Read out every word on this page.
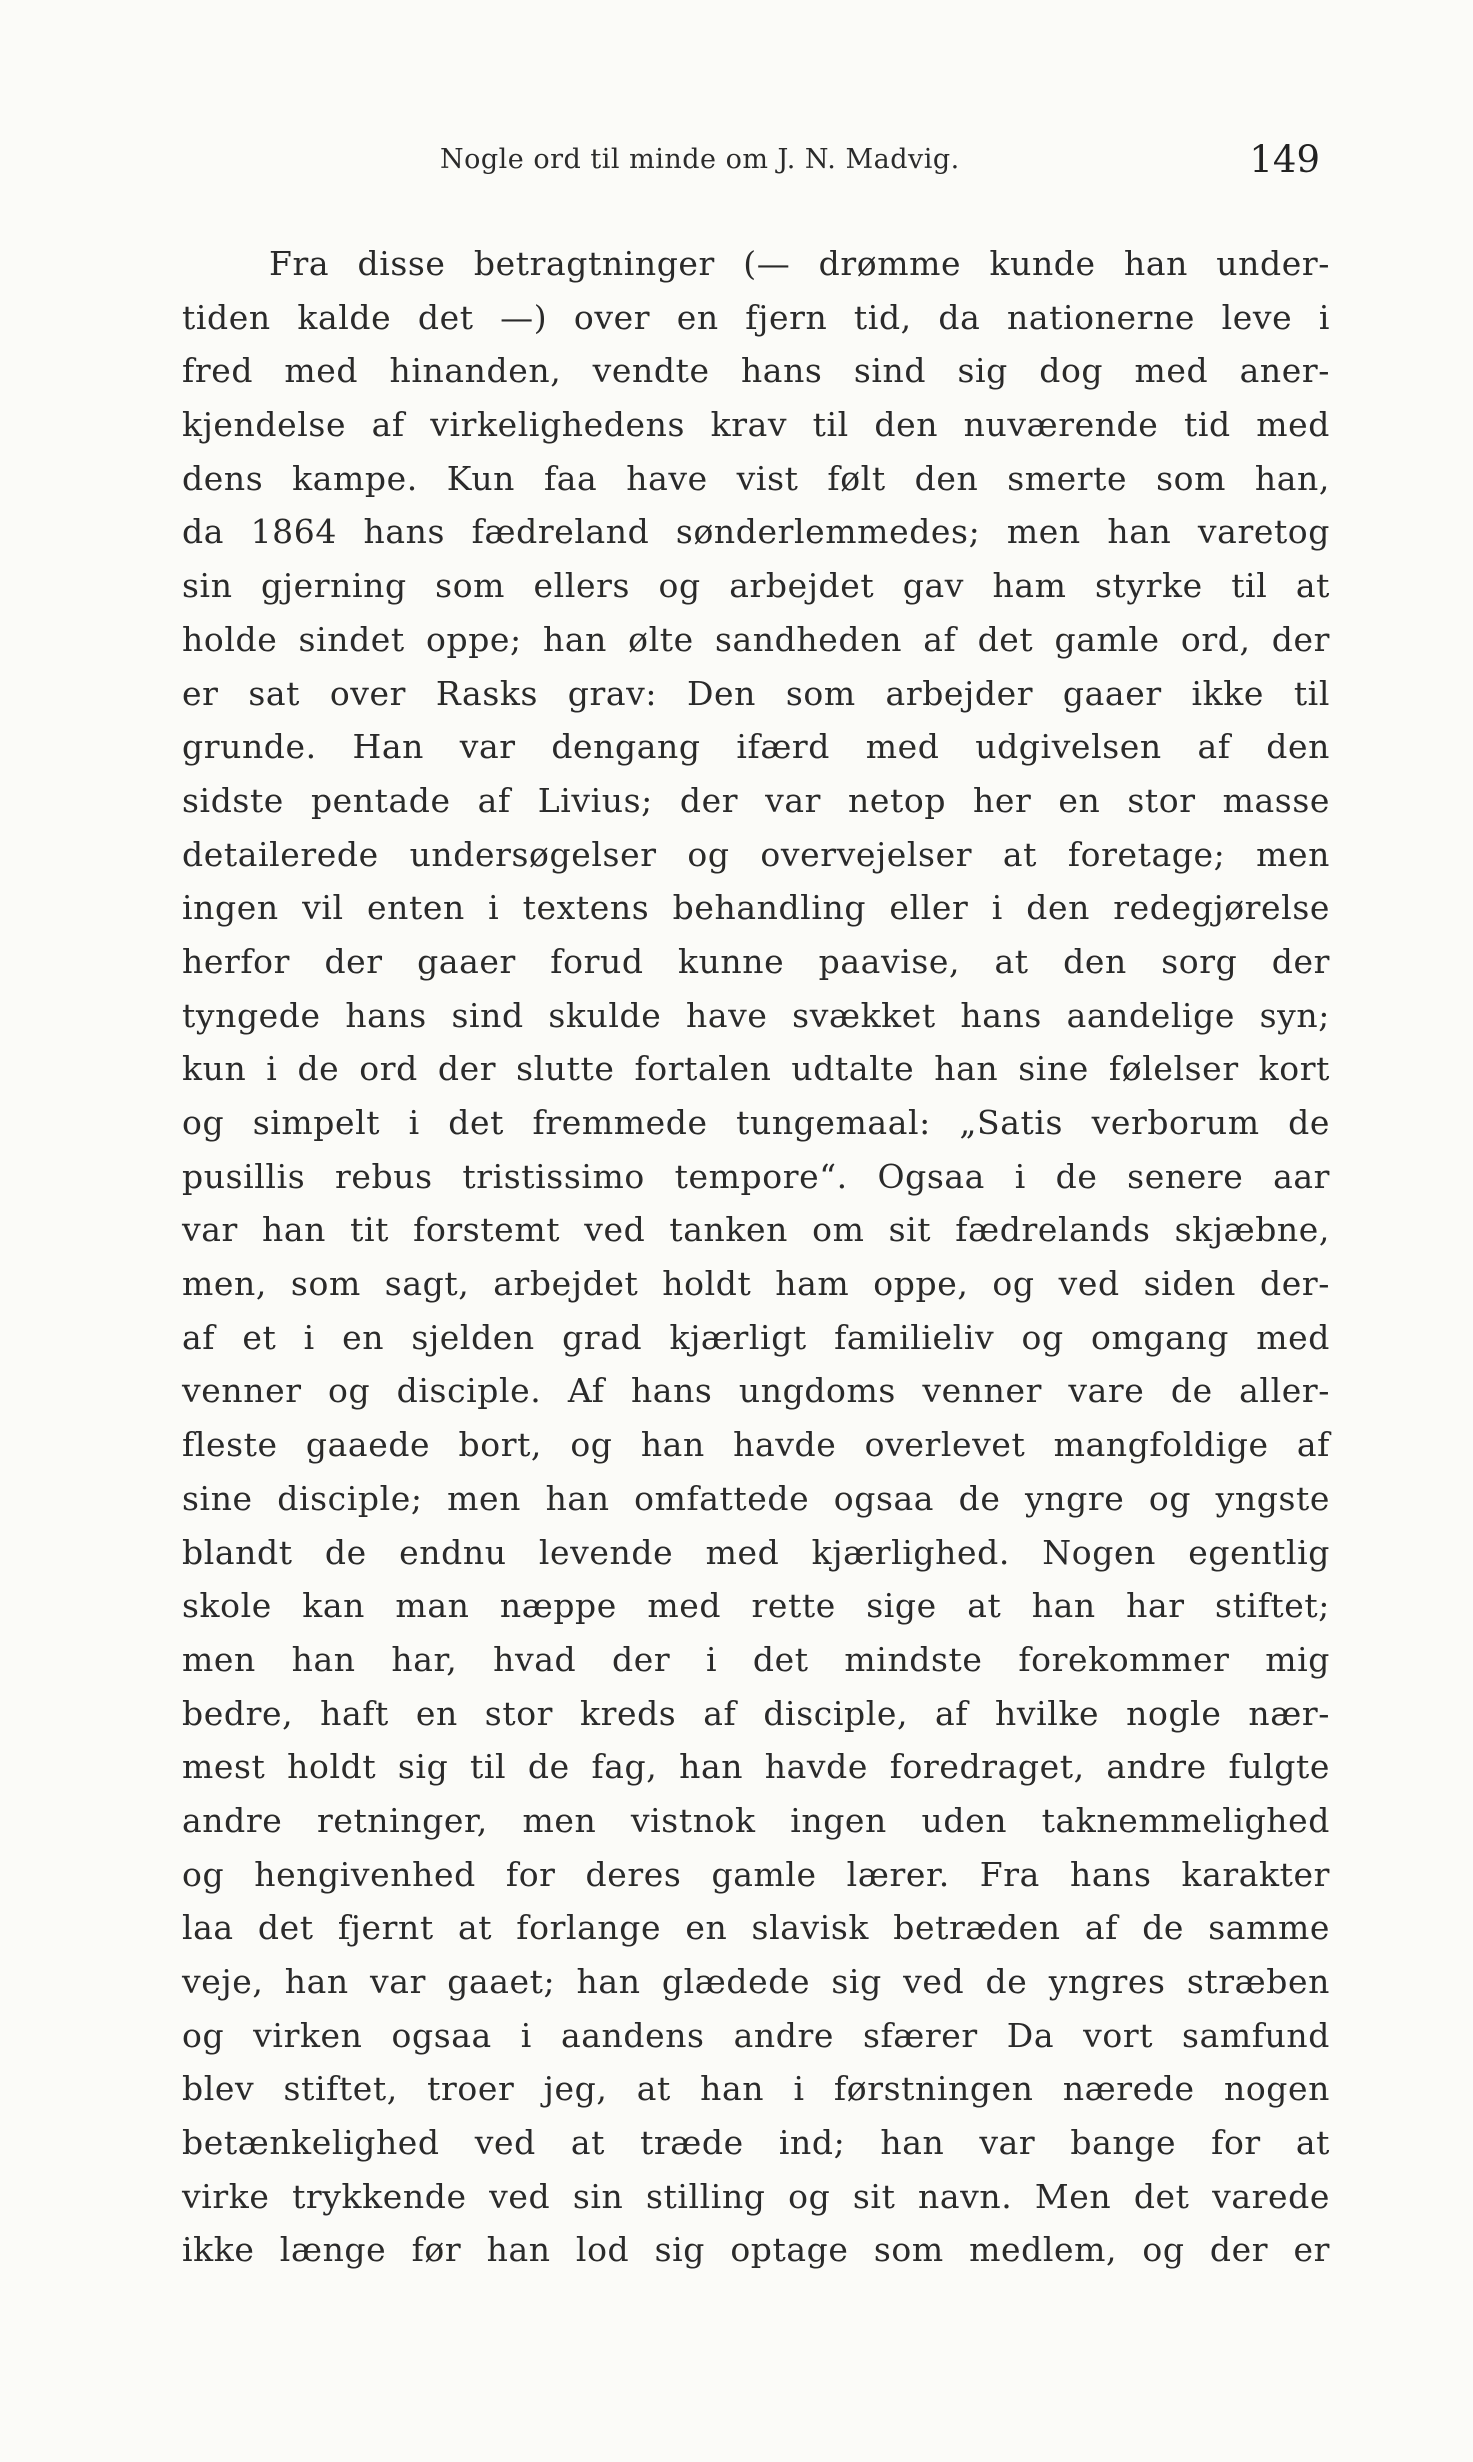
Nogle ord til minde om J. N. Madvig.	149
Fra disse betragtninger (— drømme kunde han under-
tiden kalde det —) over en fjern tid, da nationerne leve i
fred med hinanden, vendte hans sind sig dog med aner-
kjendelse af virkelighedens krav til den nuværende tid med
dens kampe. Kun faa have vist følt den smerte som han,
da 1864 hans fædreland sønderlemmedes; men han varetog
sin gjerning som ellers og arbejdet gav ham styrke til at
holde sindet oppe; han ølte sandheden af det gamle ord, der
er sat over Rasks grav: Den som arbejder gaaer ikke til
grunde. Han var dengang ifærd med udgivelsen af den
sidste pentade af Livius; der var netop her en stor masse
detailerede undersøgelser og overvejelser at foretage; men
ingen vil enten i textens behandling eller i den redegjørelse
herfor der gaaer forud kunne paavise, at den sorg der
tyngede hans sind skulde have svækket hans aandelige syn;
kun i de ord der slutte fortalen udtalte han sine følelser kort
og simpelt i det fremmede tungemaal: „Satis verborum de
pusillis rebus tristissimo tempore“. Ogsaa i de senere aar
var han tit forstemt ved tanken om sit fædrelands skjæbne,
men, som sagt, arbejdet holdt ham oppe, og ved siden der-
af et i en sjelden grad kjærligt familieliv og omgang med
venner og disciple. Af hans ungdoms venner vare de aller-
fleste gaaede bort, og han havde overlevet mangfoldige af
sine disciple; men han omfattede ogsaa de yngre og yngste
blandt de endnu levende med kjærlighed. Nogen egentlig
skole kan man næppe med rette sige at han har stiftet;
men han har, hvad der i det mindste forekommer mig
bedre, haft en stor kreds af disciple, af hvilke nogle nær-
mest holdt sig til de fag, han havde foredraget, andre fulgte
andre retninger, men vistnok ingen uden taknemmelighed
og hengivenhed for deres gamle lærer. Fra hans karakter
laa det fjernt at forlange en slavisk betræden af de samme
veje, han var gaaet; han glædede sig ved de yngres stræben
og virken ogsaa i aandens andre sfærer Da vort samfund
blev stiftet, troer jeg, at han i førstningen nærede nogen
betænkelighed ved at træde ind; han var bange for at
virke trykkende ved sin stilling og sit navn. Men det varede
ikke længe før han lod sig optage som medlem, og der er
